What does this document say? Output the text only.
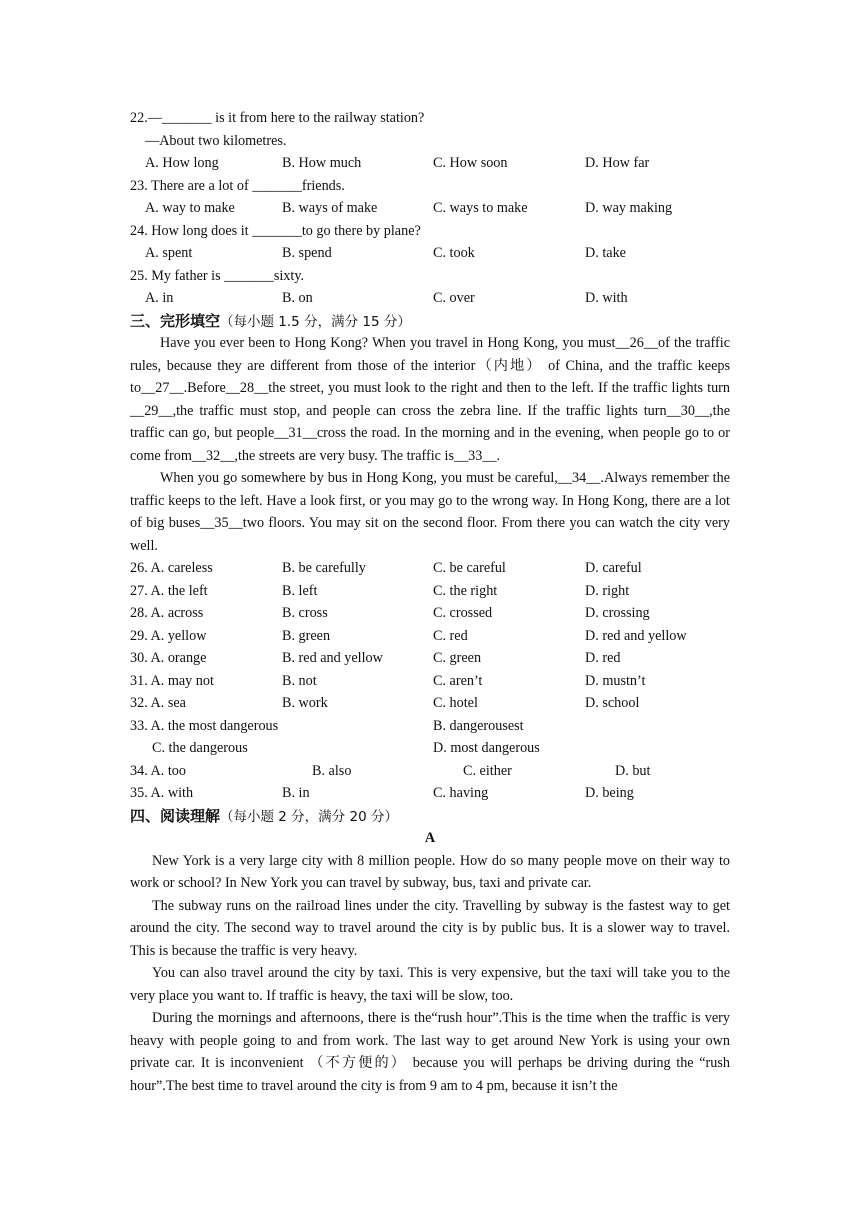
22.—_______ is it from here to the railway station?
—About two kilometres.
A. How long	B. How much	C. How soon	D. How far
23. There are a lot of _______friends.
A. way to make	B. ways of make	C. ways to make	D. way making
24. How long does it _______to go there by plane?
A. spent	B. spend	C. took	D. take
25. My father is _______sixty.
A. in	B. on	C. over	D. with
三、完形填空（每小题 1.5 分，满分 15 分）

Have you ever been to Hong Kong? When you travel in Hong Kong, you must__26__of the traffic rules, because they are different from those of the interior（内地） of China, and the traffic keeps to__27__.Before__28__the street, you must look to the right and then to the left. If the traffic lights turn __29__,the traffic must stop, and people can cross the zebra line. If the traffic lights turn__30__,the traffic can go, but people__31__cross the road. In the morning and in the evening, when people go to or come from__32__,the streets are very busy. The traffic is__33__.

When you go somewhere by bus in Hong Kong, you must be careful,__34__.Always remember the traffic keeps to the left. Have a look first, or you may go to the wrong way. In Hong Kong, there are a lot of big buses__35__two floors. You may sit on the second floor. From there you can watch the city very well.

26. A. careless	B. be carefully	C. be careful	D. careful
27. A. the left	B. left	C. the right	D. right
28. A. across	B. cross	C. crossed	D. crossing
29. A. yellow	B. green	C. red	D. red and yellow
30. A. orange	B. red and yellow	C. green	D. red
31. A. may not	B. not	C. aren’t	D. mustn’t
32. A. sea	B. work	C. hotel	D. school
33. A. the most dangerous	B. dangerousest
C. the dangerous	D. most dangerous
34. A. too	B. also	C. either	D. but
35. A. with	B. in	C. having	D. being
四、阅读理解（每小题 2 分，满分 20 分）
A

New York is a very large city with 8 million people. How do so many people move on their way to work or school? In New York you can travel by subway, bus, taxi and private car.

The subway runs on the railroad lines under the city. Travelling by subway is the fastest way to get around the city. The second way to travel around the city is by public bus. It is a slower way to travel. This is because the traffic is very heavy.

You can also travel around the city by taxi. This is very expensive, but the taxi will take you to the very place you want to. If traffic is heavy, the taxi will be slow, too.

During the mornings and afternoons, there is the“rush hour”.This is the time when the traffic is very heavy with people going to and from work. The last way to get around New York is using your own private car. It is inconvenient （不方便的） because you will perhaps be driving during the “rush hour”.The best time to travel around the city is from 9 am to 4 pm, because it isn’t the
